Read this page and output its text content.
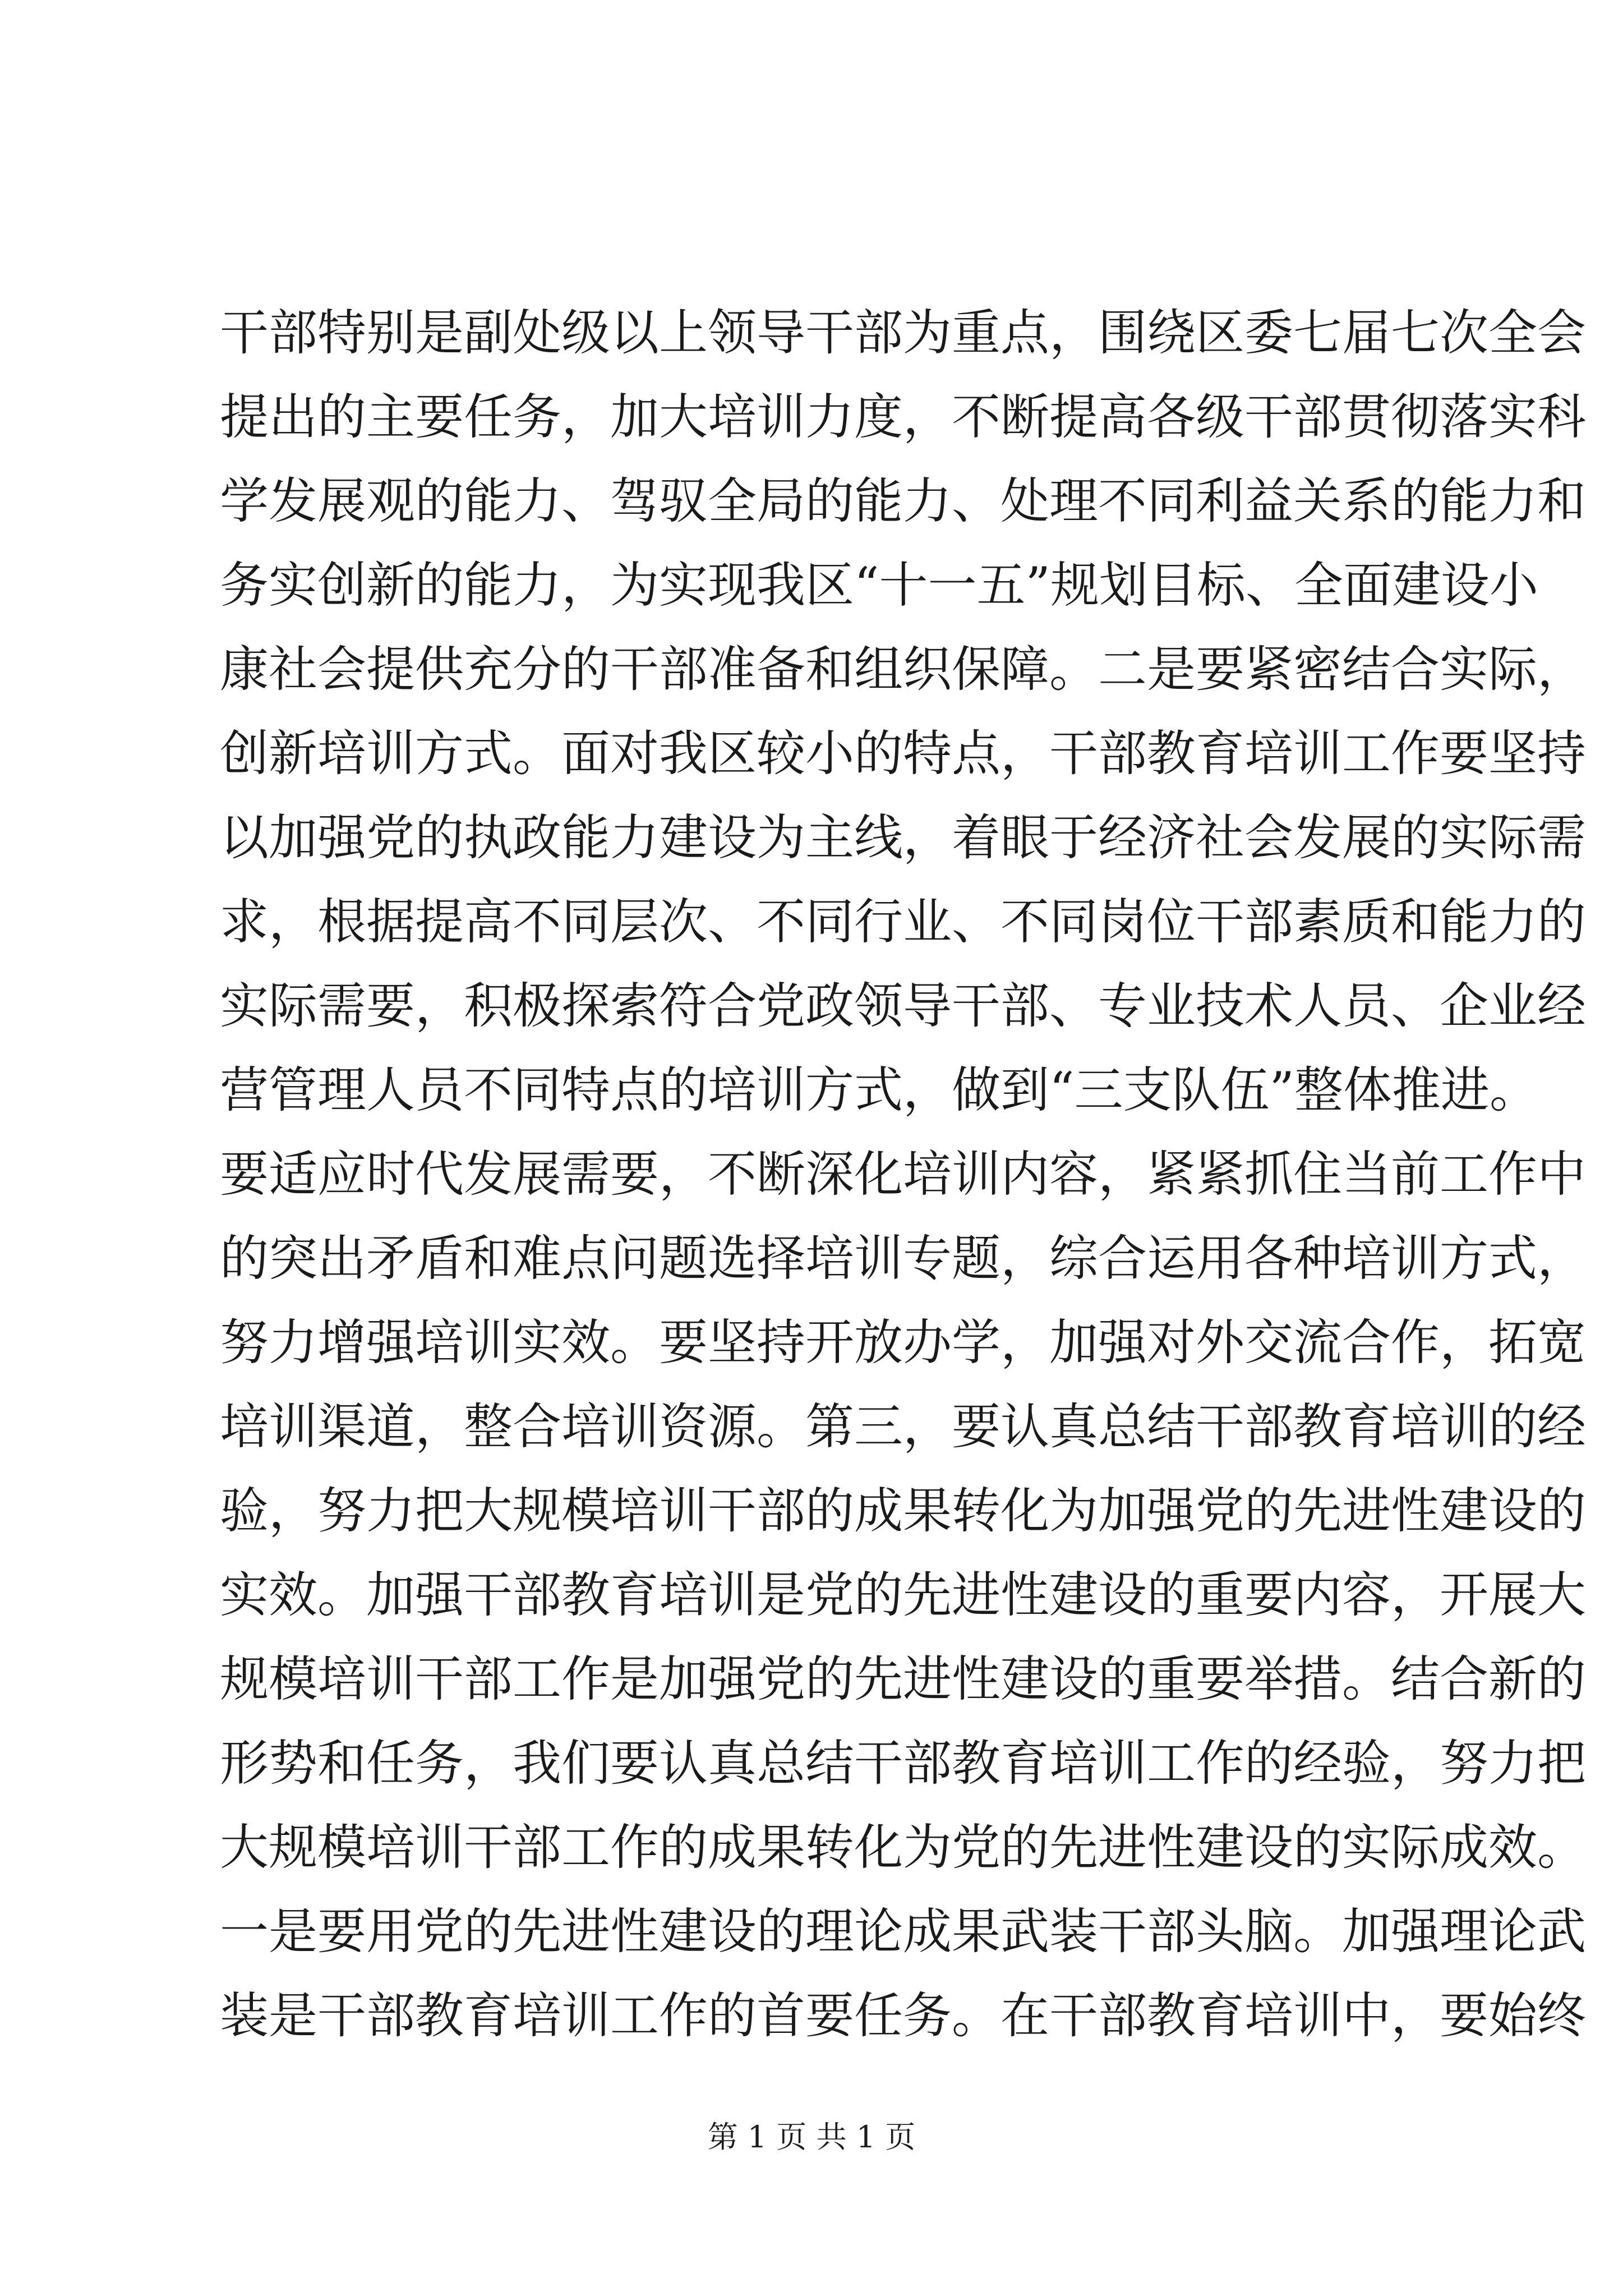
干部特别是副处级以上领导干部为重点，围绕区委七届七次全会
提出的主要任务，加大培训力度，不断提高各级干部贯彻落实科
学发展观的能力、驾驭全局的能力、处理不同利益关系的能力和
务实创新的能力，为实现我区“十一五”规划目标、全面建设小
康社会提供充分的干部准备和组织保障。二是要紧密结合实际，
创新培训方式。面对我区较小的特点，干部教育培训工作要坚持
以加强党的执政能力建设为主线，着眼于经济社会发展的实际需
求，根据提高不同层次、不同行业、不同岗位干部素质和能力的
实际需要，积极探索符合党政领导干部、专业技术人员、企业经
营管理人员不同特点的培训方式，做到“三支队伍”整体推进。
要适应时代发展需要，不断深化培训内容，紧紧抓住当前工作中
的突出矛盾和难点问题选择培训专题，综合运用各种培训方式，
努力增强培训实效。要坚持开放办学，加强对外交流合作，拓宽
培训渠道，整合培训资源。第三，要认真总结干部教育培训的经
验，努力把大规模培训干部的成果转化为加强党的先进性建设的
实效。加强干部教育培训是党的先进性建设的重要内容，开展大
规模培训干部工作是加强党的先进性建设的重要举措。结合新的
形势和任务，我们要认真总结干部教育培训工作的经验，努力把
大规模培训干部工作的成果转化为党的先进性建设的实际成效。
一是要用党的先进性建设的理论成果武装干部头脑。加强理论武
装是干部教育培训工作的首要任务。在干部教育培训中，要始终
第 1 页 共 1 页
